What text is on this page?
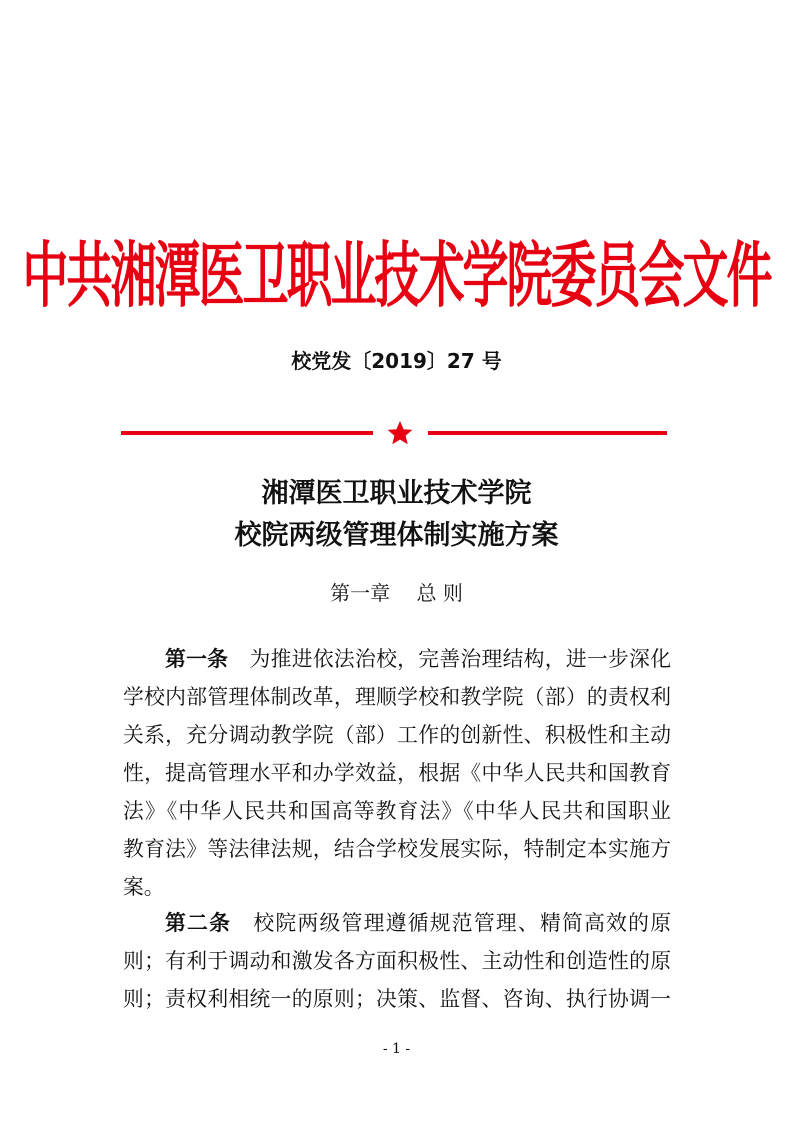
中共湘潭医卫职业技术学院委员会文件
校党发〔2019〕27 号
湘潭医卫职业技术学院
校院两级管理体制实施方案
第一章　 总 则
第一条 为推进依法治校，完善治理结构，进一步深化
学校内部管理体制改革，理顺学校和教学院（部）的责权利
关系，充分调动教学院（部）工作的创新性、积极性和主动
性，提高管理水平和办学效益，根据《中华人民共和国教育
法》《中华人民共和国高等教育法》《中华人民共和国职业
教育法》等法律法规，结合学校发展实际，特制定本实施方
案。
第二条 校院两级管理遵循规范管理、精简高效的原
则；有利于调动和激发各方面积极性、主动性和创造性的原
则；责权利相统一的原则；决策、监督、咨询、执行协调一
- 1 -
